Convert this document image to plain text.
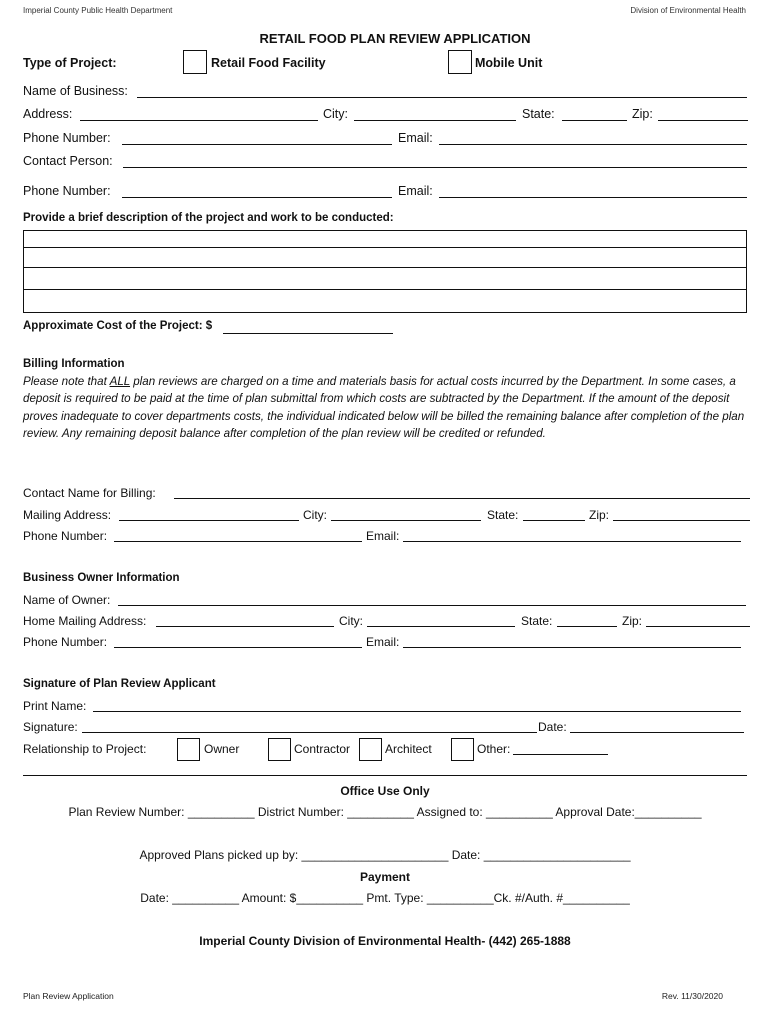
Imperial County Public Health Department	Division of Environmental Health
RETAIL FOOD PLAN REVIEW APPLICATION
Type of Project:	Retail Food Facility	Mobile Unit
Name of Business:
Address:	City:	State:	Zip:
Phone Number:	Email:
Contact Person:
Phone Number:	Email:
Provide a brief description of the project and work to be conducted:
Approximate Cost of the Project: $
Billing Information
Please note that ALL plan reviews are charged on a time and materials basis for actual costs incurred by the Department. In some cases, a deposit is required to be paid at the time of plan submittal from which costs are subtracted by the Department. If the amount of the deposit proves inadequate to cover departments costs, the individual indicated below will be billed the remaining balance after completion of the plan review. Any remaining deposit balance after completion of the plan review will be credited or refunded.
Contact Name for Billing:
Mailing Address:	City:	State:	Zip:
Phone Number:	Email:
Business Owner Information
Name of Owner:
Home Mailing Address:	City:	State:	Zip:
Phone Number:	Email:
Signature of Plan Review Applicant
Print Name:
Signature:	Date:
Relationship to Project:	Owner	Contractor	Architect	Other:
Office Use Only
Plan Review Number: __________ District Number: __________ Assigned to: __________ Approval Date:__________
Approved Plans picked up by: ______________________ Date: ______________________
Payment
Date: __________ Amount: $__________ Pmt. Type: __________Ck. #/Auth. #__________
Imperial County Division of Environmental Health- (442) 265-1888
Plan Review Application	Rev. 11/30/2020
